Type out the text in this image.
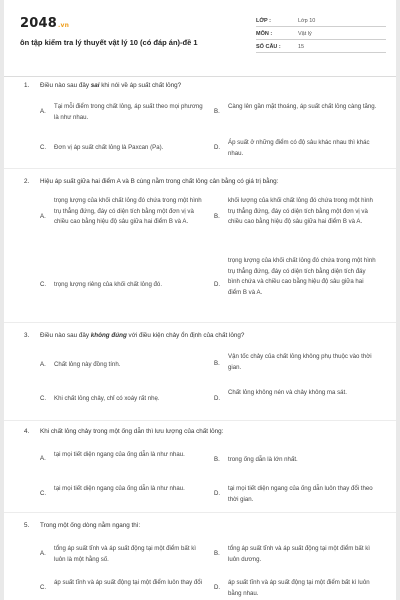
2048.vn
ôn tập kiểm tra lý thuyết vật lý 10 (có đáp án)-đề 1
LỚP :	Lớp 10
MÔN :	Vật lý
SỐ CÂU :	15
1. Điều nào sau đây sai khi nói về áp suất chất lỏng?
A.
Tại mỗi điểm trong chất lỏng, áp suất theo mọi phương là như nhau.
B.
Càng lên gần mặt thoáng, áp suất chất lỏng càng tăng.
C. Đơn vị áp suất chất lỏng là Paxcan (Pa).	D.
Áp suất ở những điểm có độ sâu khác nhau thì khác nhau.
2. Hiệu áp suất giữa hai điểm A và B cùng nằm trong chất lỏng cân bằng có giá trị bằng:
A.
trọng lượng của khối chất lỏng đó chứa trong một hình trụ thẳng đứng, đáy có diện tích bằng một đơn vị và chiều cao bằng hiệu độ sâu giữa hai điểm B và A.
B.
khối lượng của khối chất lỏng đó chứa trong một hình trụ thẳng đứng, đáy có diện tích bằng một đơn vị và chiều cao bằng hiệu độ sâu giữa hai điểm B và A.
C. trọng lượng riêng của khối chất lỏng đó.	D.
trọng lượng của khối chất lỏng đó chứa trong một hình trụ thẳng đứng, đáy có diện tích bằng diện tích đáy bình chứa và chiều cao bằng hiệu độ sâu giữa hai điểm B và A.
3. Điều nào sau đây không đúng với điều kiện chảy ổn định của chất lỏng?
A. Chất lỏng này đồng tính.	B.
Vận tốc chảy của chất lỏng không phụ thuộc vào thời gian.
C. Khi chất lỏng chảy, chỉ có xoáy rất nhẹ.	D.
Chất lỏng không nén và chảy không ma sát.
4. Khi chất lỏng chảy trong một ống dẫn thì lưu lượng của chất lỏng:
A.
tại mọi tiết diện ngang của ống dẫn là như nhau.
B. trong ống dẫn là lớn nhất.
C.
tại mọi tiết diện ngang của ống dẫn là như nhau.
D.
tại mọi tiết diện ngang của ống dẫn luôn thay đổi theo thời gian.
5. Trong một ống dòng nằm ngang thì:
A.
tổng áp suất tĩnh và áp suất động tại một điểm bất kì luôn là một hằng số.
B.
tổng áp suất tĩnh và áp suất động tại một điểm bất kì luôn dương.
C.
áp suất tĩnh và áp suất động tại một điểm luôn thay đổi
D.
áp suất tĩnh và áp suất động tại một điểm bất kì luôn bằng nhau.
